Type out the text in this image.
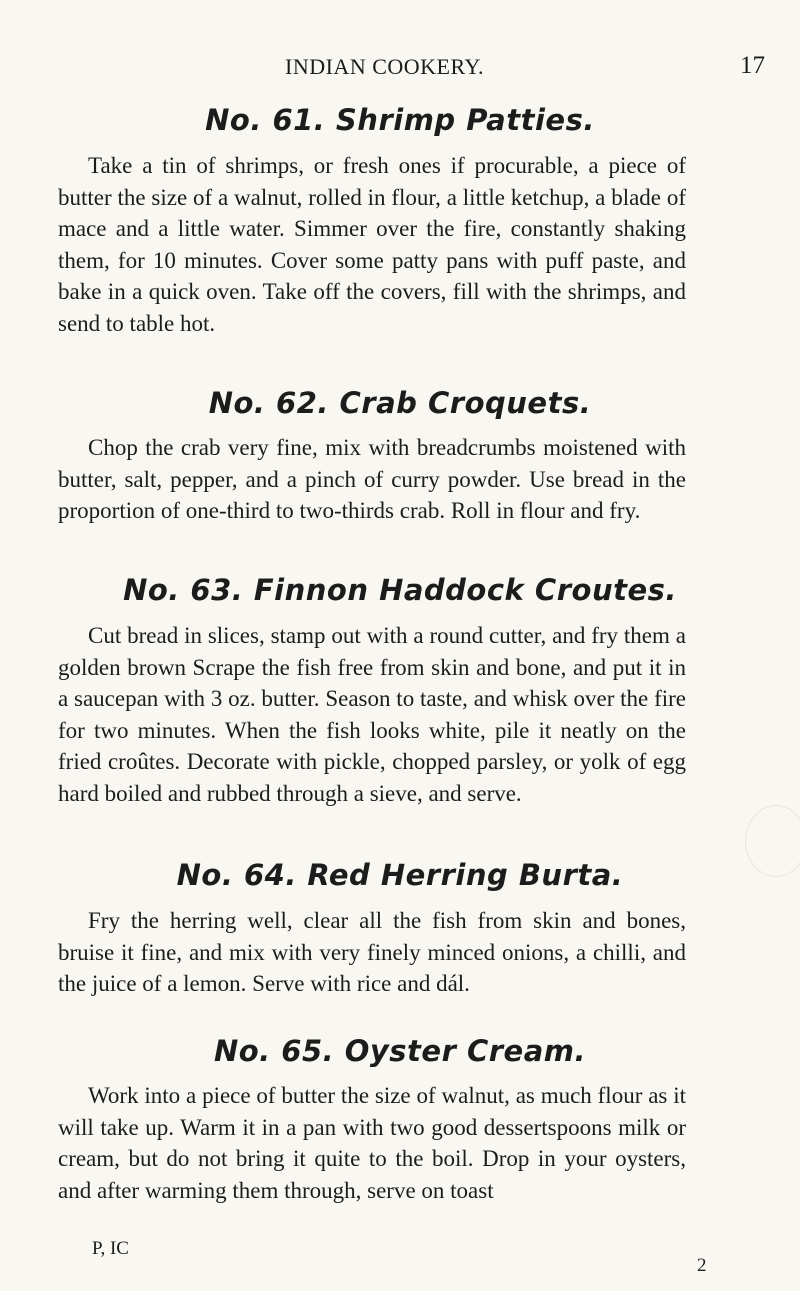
INDIAN COOKERY.	17
No. 61. Shrimp Patties.

Take a tin of shrimps, or fresh ones if procurable, a piece of butter the size of a walnut, rolled in flour, a little ketchup, a blade of mace and a little water. Simmer over the fire, constantly shaking them, for 10 minutes. Cover some patty pans with puff paste, and bake in a quick oven. Take off the covers, fill with the shrimps, and send to table hot.

No. 62. Crab Croquets.

Chop the crab very fine, mix with breadcrumbs moistened with butter, salt, pepper, and a pinch of curry powder. Use bread in the proportion of one-third to two-thirds crab. Roll in flour and fry.

No. 63. Finnon Haddock Croutes.

Cut bread in slices, stamp out with a round cutter, and fry them a golden brown Scrape the fish free from skin and bone, and put it in a saucepan with 3 oz. butter. Season to taste, and whisk over the fire for two minutes. When the fish looks white, pile it neatly on the fried croûtes. Decorate with pickle, chopped parsley, or yolk of egg hard boiled and rubbed through a sieve, and serve.

No. 64. Red Herring Burta.

Fry the herring well, clear all the fish from skin and bones, bruise it fine, and mix with very finely minced onions, a chilli, and the juice of a lemon. Serve with rice and dál.

No. 65. Oyster Cream.

Work into a piece of butter the size of walnut, as much flour as it will take up. Warm it in a pan with two good dessertspoons milk or cream, but do not bring it quite to the boil. Drop in your oysters, and after warming them through, serve on toast

P, IC
2
